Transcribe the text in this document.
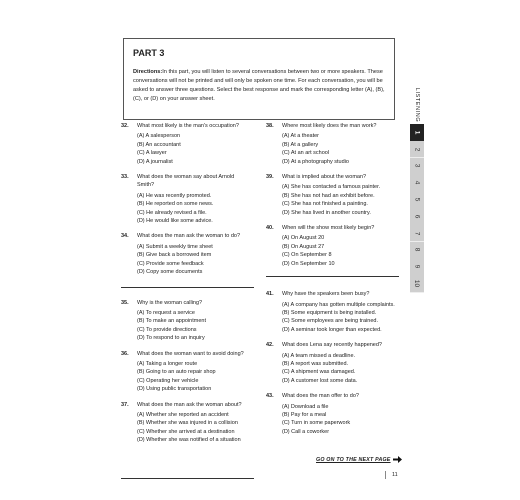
PART 3

Directions:In this part, you will listen to several conversations between two or more speakers. These conversations will not be printed and will only be spoken one time. For each conversation, you will be asked to answer three questions. Select the best response and mark the corresponding letter (A), (B), (C), or (D) on your answer sheet.

32. What most likely is the man's occupation?
(A) A salesperson
(B) An accountant
(C) A lawyer
(D) A journalist
33. What does the woman say about Arnold Smith?
(A) He was recently promoted.
(B) He reported on some news.
(C) He already revised a file.
(D) He would like some advice.
34. What does the man ask the woman to do?
(A) Submit a weekly time sheet
(B) Give back a borrowed item
(C) Provide some feedback
(D) Copy some documents
35. Why is the woman calling?
(A) To request a service
(B) To make an appointment
(C) To provide directions
(D) To respond to an inquiry
36. What does the woman want to avoid doing?
(A) Taking a longer route
(B) Going to an auto repair shop
(C) Operating her vehicle
(D) Using public transportation
37. What does the man ask the woman about?
(A) Whether she reported an accident
(B) Whether she was injured in a collision
(C) Whether she arrived at a destination
(D) Whether she was notified of a situation
38. Where most likely does the man work?
(A) At a theater
(B) At a gallery
(C) At an art school
(D) At a photography studio
39. What is implied about the woman?
(A) She has contacted a famous painter.
(B) She has not had an exhibit before.
(C) She has not finished a painting.
(D) She has lived in another country.
40. When will the show most likely begin?
(A) On August 20
(B) On August 27
(C) On September 8
(D) On September 10
41. Why have the speakers been busy?
(A) A company has gotten multiple complaints.
(B) Some equipment is being installed.
(C) Some employees are being trained.
(D) A seminar took longer than expected.
42. What does Lena say recently happened?
(A) A team missed a deadline.
(B) A report was submitted.
(C) A shipment was damaged.
(D) A customer lost some data.
43. What does the man offer to do?
(A) Download a file
(B) Pay for a meal
(C) Turn in some paperwork
(D) Call a coworker
LISTENING
1
2
3
4
5
6
7
8
9
10
GO ON TO THE NEXT PAGE
11
